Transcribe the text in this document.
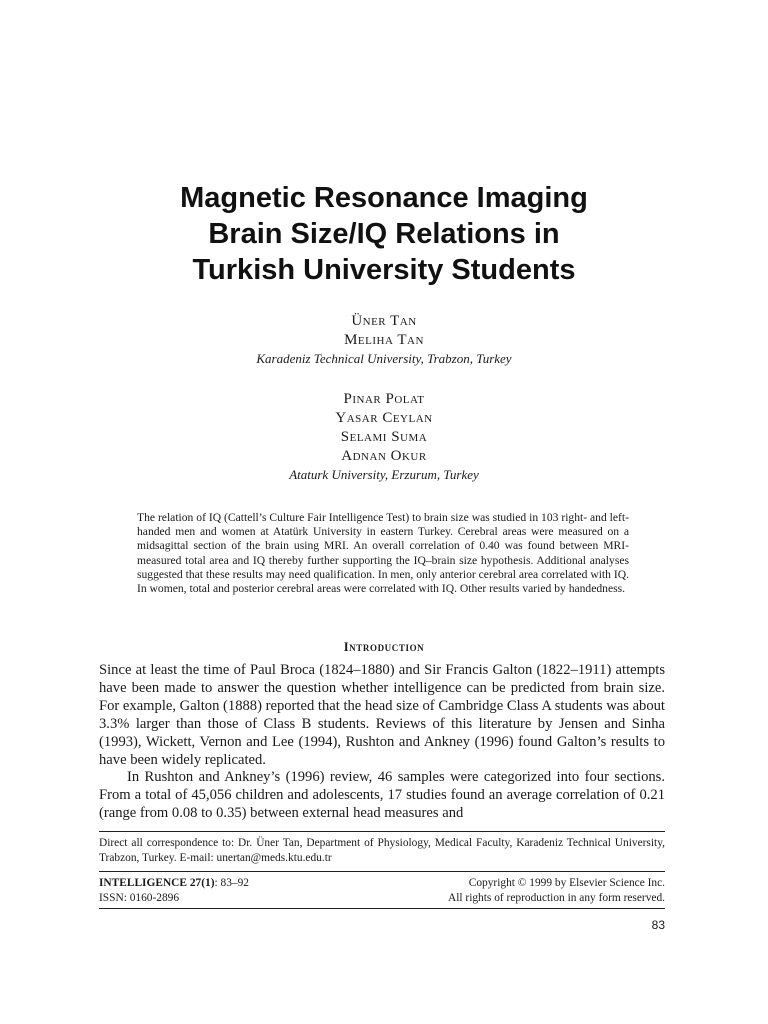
Magnetic Resonance Imaging
Brain Size/IQ Relations in
Turkish University Students
Üner Tan
Meliha Tan
Karadeniz Technical University, Trabzon, Turkey
Pinar Polat
Yasar Ceylan
Selami Suma
Adnan Okur
Ataturk University, Erzurum, Turkey

The relation of IQ (Cattell’s Culture Fair Intelligence Test) to brain size was studied in 103 right- and left-handed men and women at Atatürk University in eastern Turkey. Cerebral areas were measured on a midsagittal section of the brain using MRI. An overall correlation of 0.40 was found between MRI-measured total area and IQ thereby further supporting the IQ–brain size hypothesis. Additional analyses suggested that these results may need qualification. In men, only anterior cerebral area correlated with IQ. In women, total and posterior cerebral areas were correlated with IQ. Other results varied by handedness.

Introduction

Since at least the time of Paul Broca (1824–1880) and Sir Francis Galton (1822–1911) attempts have been made to answer the question whether intelligence can be predicted from brain size. For example, Galton (1888) reported that the head size of Cambridge Class A students was about 3.3% larger than those of Class B students. Reviews of this literature by Jensen and Sinha (1993), Wickett, Vernon and Lee (1994), Rushton and Ankney (1996) found Galton’s results to have been widely replicated.

In Rushton and Ankney’s (1996) review, 46 samples were categorized into four sections. From a total of 45,056 children and adolescents, 17 studies found an average correlation of 0.21 (range from 0.08 to 0.35) between external head measures and

Direct all correspondence to: Dr. Üner Tan, Department of Physiology, Medical Faculty, Karadeniz Technical University, Trabzon, Turkey. E-mail: unertan@meds.ktu.edu.tr

INTELLIGENCE 27(1): 83–92	Copyright © 1999 by Elsevier Science Inc.
ISSN: 0160-2896	All rights of reproduction in any form reserved.
83
